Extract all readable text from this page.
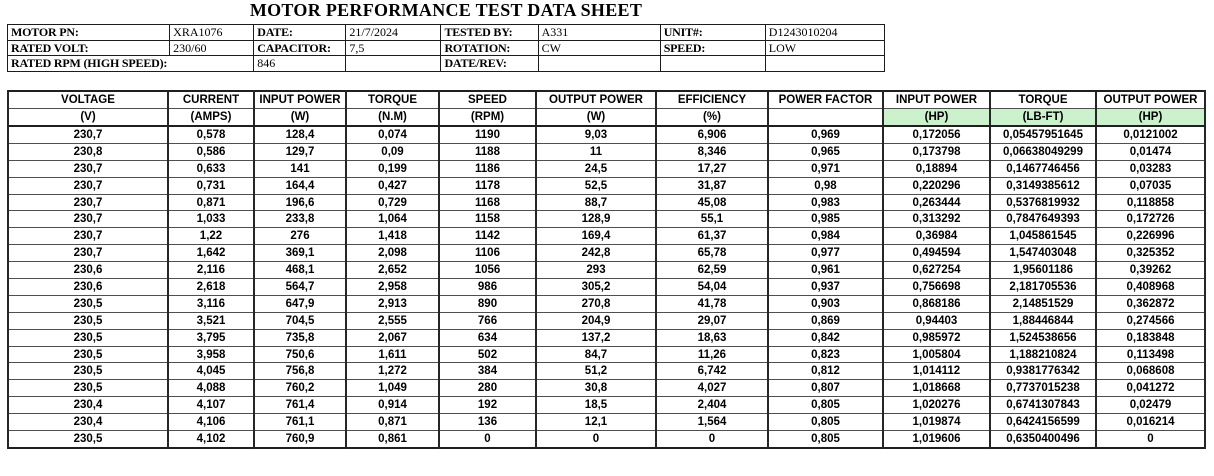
MOTOR PERFORMANCE TEST DATA SHEET
MOTOR PN:	XRA1076	DATE:	21/7/2024	TESTED BY:	A331	UNIT#:	D1243010204
RATED VOLT:	230/60	CAPACITOR:	7,5	ROTATION:	CW	SPEED:	LOW
RATED RPM (HIGH SPEED):		846		DATE/REV:			
VOLTAGE	CURRENT	INPUT POWER	TORQUE	SPEED	OUTPUT POWER	EFFICIENCY	POWER FACTOR	INPUT POWER	TORQUE	OUTPUT POWER
(V)	(AMPS)	(W)	(N.M)	(RPM)	(W)	(%)		(HP)	(LB-FT)	(HP)
230,7	0,578	128,4	0,074	1190	9,03	6,906	0,969	0,172056	0,05457951645	0,0121002
230,8	0,586	129,7	0,09	1188	11	8,346	0,965	0,173798	0,06638049299	0,01474
230,7	0,633	141	0,199	1186	24,5	17,27	0,971	0,18894	0,1467746456	0,03283
230,7	0,731	164,4	0,427	1178	52,5	31,87	0,98	0,220296	0,3149385612	0,07035
230,7	0,871	196,6	0,729	1168	88,7	45,08	0,983	0,263444	0,5376819932	0,118858
230,7	1,033	233,8	1,064	1158	128,9	55,1	0,985	0,313292	0,7847649393	0,172726
230,7	1,22	276	1,418	1142	169,4	61,37	0,984	0,36984	1,045861545	0,226996
230,7	1,642	369,1	2,098	1106	242,8	65,78	0,977	0,494594	1,547403048	0,325352
230,6	2,116	468,1	2,652	1056	293	62,59	0,961	0,627254	1,95601186	0,39262
230,6	2,618	564,7	2,958	986	305,2	54,04	0,937	0,756698	2,181705536	0,408968
230,5	3,116	647,9	2,913	890	270,8	41,78	0,903	0,868186	2,14851529	0,362872
230,5	3,521	704,5	2,555	766	204,9	29,07	0,869	0,94403	1,88446844	0,274566
230,5	3,795	735,8	2,067	634	137,2	18,63	0,842	0,985972	1,524538656	0,183848
230,5	3,958	750,6	1,611	502	84,7	11,26	0,823	1,005804	1,188210824	0,113498
230,5	4,045	756,8	1,272	384	51,2	6,742	0,812	1,014112	0,9381776342	0,068608
230,5	4,088	760,2	1,049	280	30,8	4,027	0,807	1,018668	0,7737015238	0,041272
230,4	4,107	761,4	0,914	192	18,5	2,404	0,805	1,020276	0,6741307843	0,02479
230,4	4,106	761,1	0,871	136	12,1	1,564	0,805	1,019874	0,6424156599	0,016214
230,5	4,102	760,9	0,861	0	0	0	0,805	1,019606	0,6350400496	0
